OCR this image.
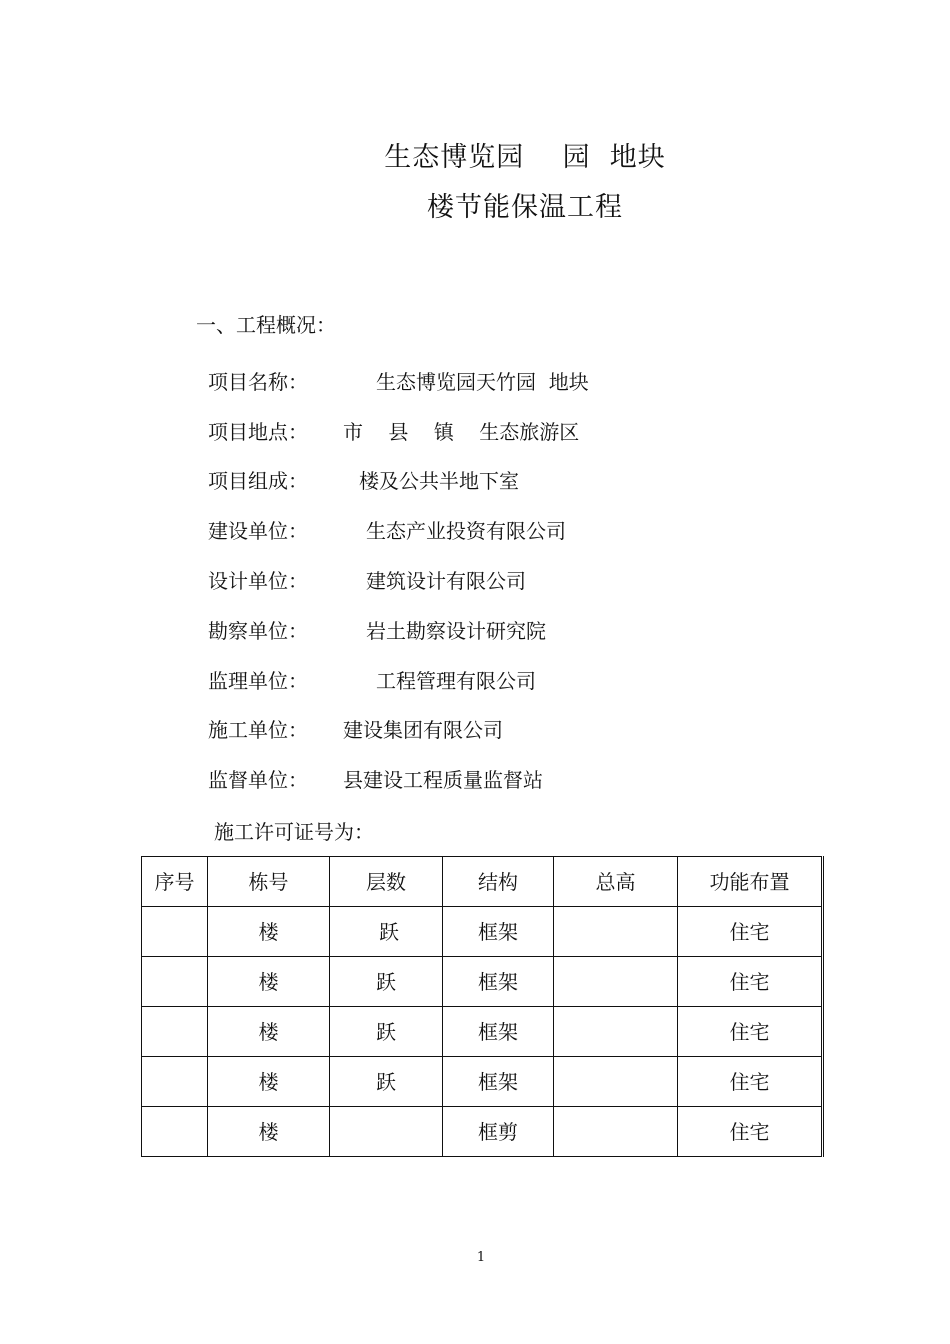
生态博览园    园  地块
楼节能保温工程
一、工程概况：

项目名称：

	生态博览园天竹园  地块

项目地点：

市    县    镇    生态旅游区

项目组成：

	楼及公共半地下室

建设单位：

	生态产业投资有限公司

设计单位：

	建筑设计有限公司

勘察单位：

	岩土勘察设计研究院

监理单位：

	工程管理有限公司

施工单位：

建设集团有限公司

监督单位：

县建设工程质量监督站

施工许可证号为：
序号	栋号	层数	结构	总高	功能布置
	楼	跃	框架		住宅
	楼	跃	框架		住宅
	楼	跃	框架		住宅
	楼	跃	框架		住宅
	楼		框剪		住宅
1
